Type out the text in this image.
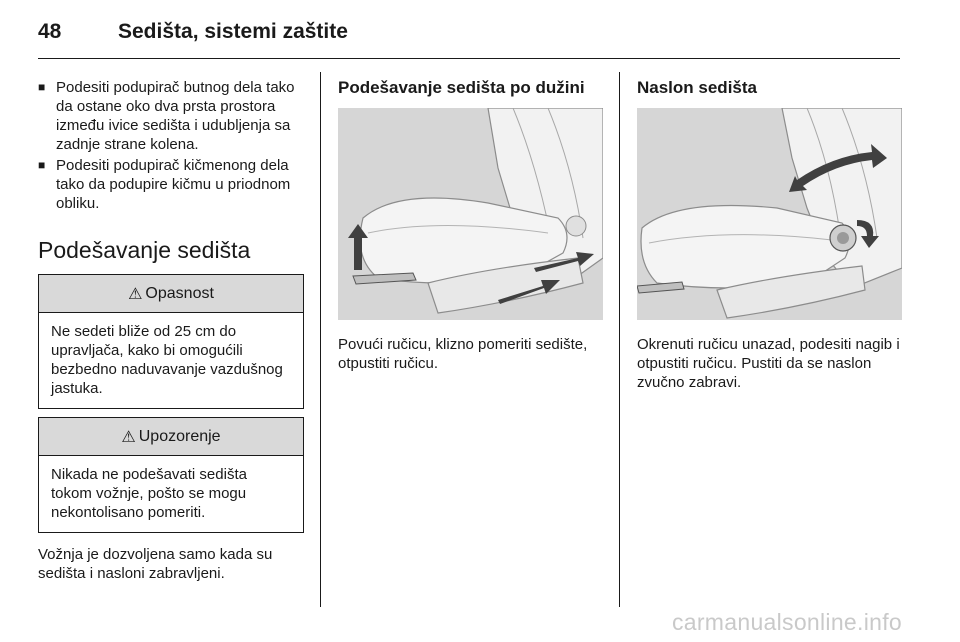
48	Sedišta, sistemi zaštite
■ Podesiti podupirač butnog dela tako da ostane oko dva prsta prostora između ivice sedišta i udubljenja sa zadnje strane kolena.
■ Podesiti podupirač kičmenong dela tako da podupire kičmu u priodnom obliku.
Podešavanje sedišta
⚠ Opasnost
Ne sedeti bliže od 25 cm do upravljača, kako bi omogućili bezbedno naduvavanje vazdušnog jastuka.
⚠ Upozorenje
Nikada ne podešavati sedišta tokom vožnje, pošto se mogu nekontolisano pomeriti.
Vožnja je dozvoljena samo kada su sedišta i nasloni zabravljeni.
Podešavanje sedišta po dužini
Povući ručicu, klizno pomeriti sedište, otpustiti ručicu.
Naslon sedišta
Okrenuti ručicu unazad, podesiti nagib i otpustiti ručicu. Pustiti da se naslon zvučno zabravi.
carmanualsonline.info
